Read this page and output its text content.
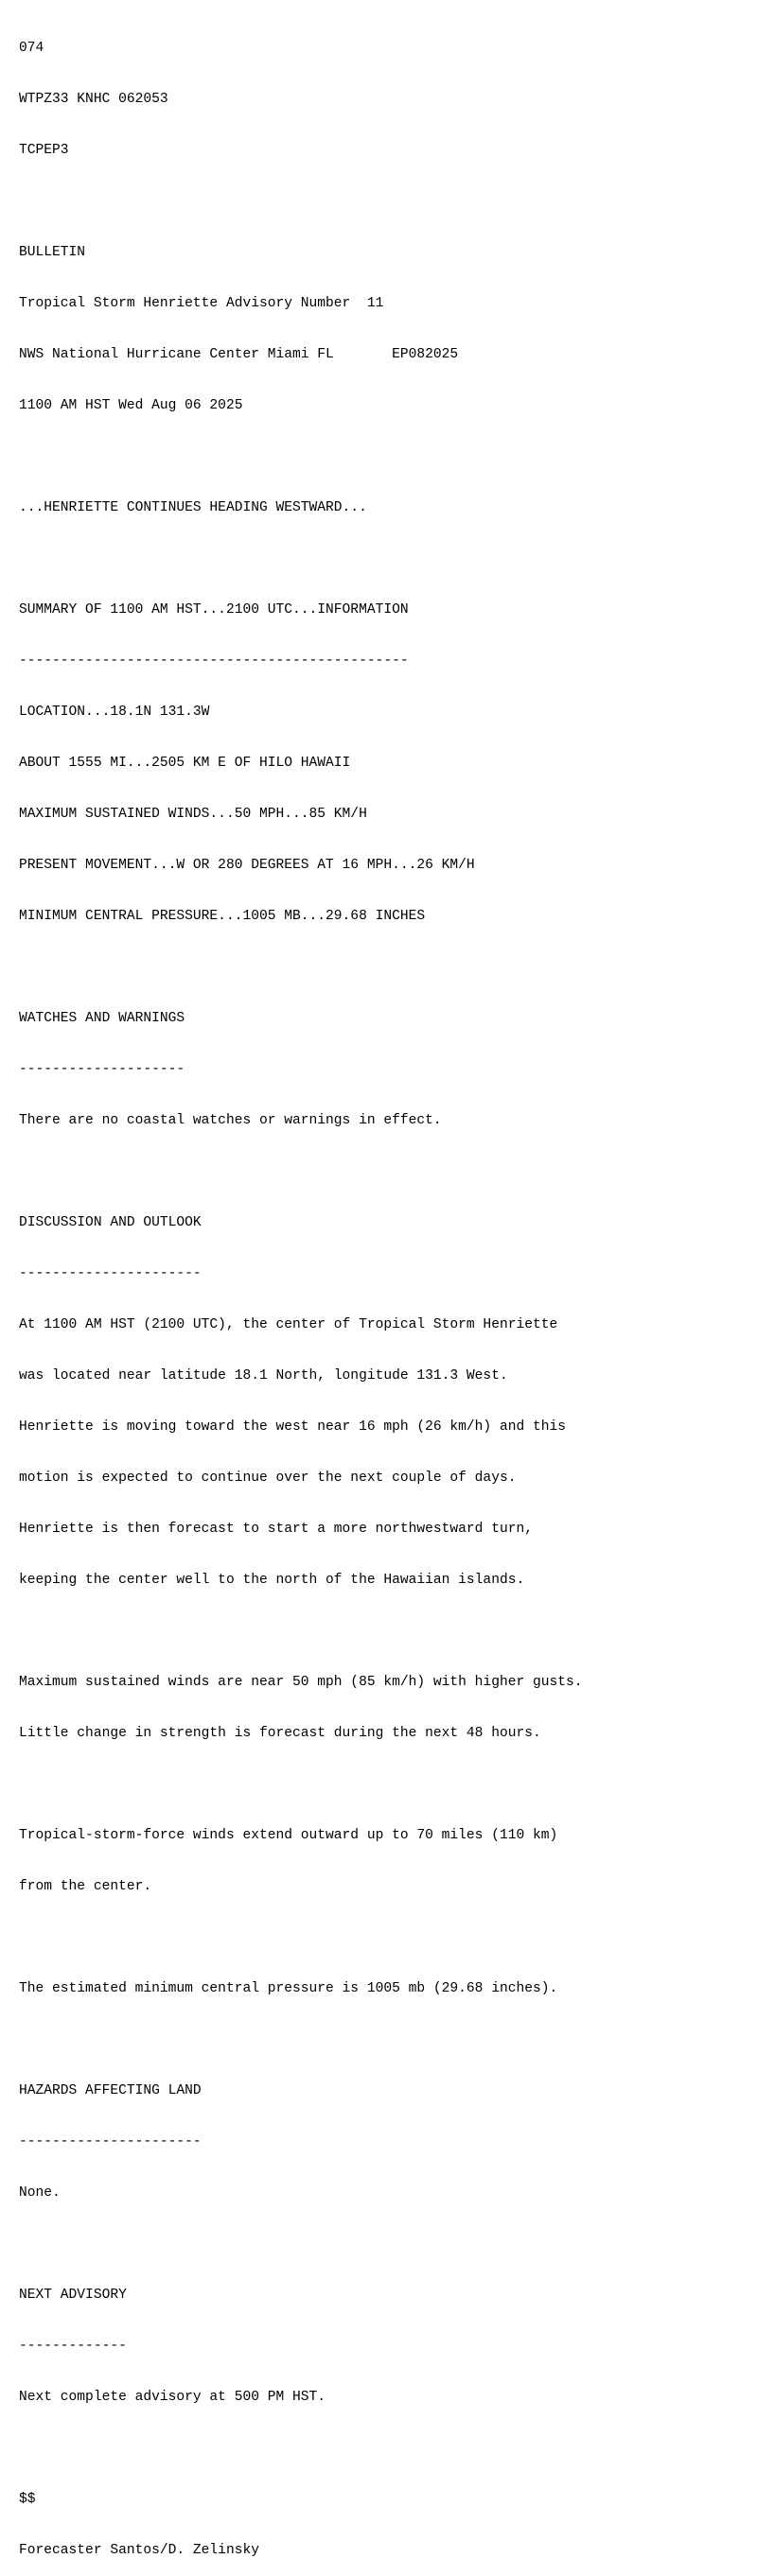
074

WTPZ33 KNHC 062053

TCPEP3

BULLETIN

Tropical Storm Henriette Advisory Number  11

NWS National Hurricane Center Miami FL       EP082025

1100 AM HST Wed Aug 06 2025

...HENRIETTE CONTINUES HEADING WESTWARD...

SUMMARY OF 1100 AM HST...2100 UTC...INFORMATION

-----------------------------------------------

LOCATION...18.1N 131.3W

ABOUT 1555 MI...2505 KM E OF HILO HAWAII

MAXIMUM SUSTAINED WINDS...50 MPH...85 KM/H

PRESENT MOVEMENT...W OR 280 DEGREES AT 16 MPH...26 KM/H

MINIMUM CENTRAL PRESSURE...1005 MB...29.68 INCHES

WATCHES AND WARNINGS

--------------------

There are no coastal watches or warnings in effect.

DISCUSSION AND OUTLOOK

----------------------

At 1100 AM HST (2100 UTC), the center of Tropical Storm Henriette

was located near latitude 18.1 North, longitude 131.3 West.

Henriette is moving toward the west near 16 mph (26 km/h) and this

motion is expected to continue over the next couple of days.

Henriette is then forecast to start a more northwestward turn,

keeping the center well to the north of the Hawaiian islands.

Maximum sustained winds are near 50 mph (85 km/h) with higher gusts.

Little change in strength is forecast during the next 48 hours.

Tropical-storm-force winds extend outward up to 70 miles (110 km)

from the center.

The estimated minimum central pressure is 1005 mb (29.68 inches).

HAZARDS AFFECTING LAND

----------------------

None.

NEXT ADVISORY

-------------

Next complete advisory at 500 PM HST.

$$

Forecaster Santos/D. Zelinsky
